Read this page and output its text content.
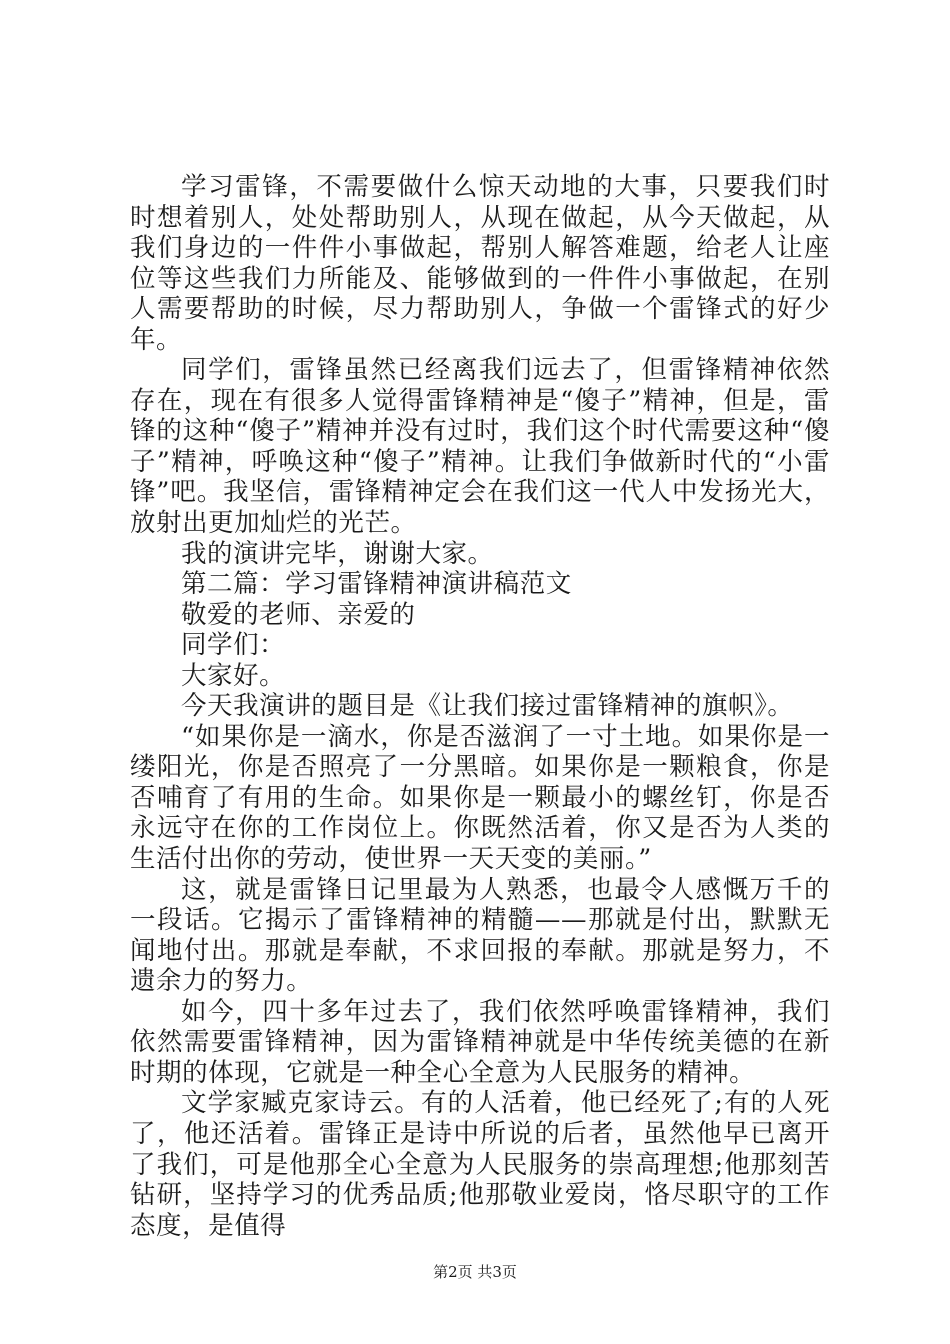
学习雷锋，不需要做什么惊天动地的大事，只要我们时时想着别人，处处帮助别人，从现在做起，从今天做起，从我们身边的一件件小事做起，帮别人解答难题，给老人让座位等这些我们力所能及、能够做到的一件件小事做起，在别人需要帮助的时候，尽力帮助别人，争做一个雷锋式的好少年。

同学们，雷锋虽然已经离我们远去了，但雷锋精神依然存在，现在有很多人觉得雷锋精神是“傻子”精神，但是，雷锋的这种“傻子”精神并没有过时，我们这个时代需要这种“傻子”精神，呼唤这种“傻子”精神。让我们争做新时代的“小雷锋”吧。我坚信，雷锋精神定会在我们这一代人中发扬光大，放射出更加灿烂的光芒。

我的演讲完毕，谢谢大家。

第二篇：学习雷锋精神演讲稿范文

敬爱的老师、亲爱的

同学们：

大家好。

今天我演讲的题目是《让我们接过雷锋精神的旗帜》。

“如果你是一滴水，你是否滋润了一寸土地。如果你是一缕阳光，你是否照亮了一分黑暗。如果你是一颗粮食，你是否哺育了有用的生命。如果你是一颗最小的螺丝钉，你是否永远守在你的工作岗位上。你既然活着，你又是否为人类的生活付出你的劳动，使世界一天天变的美丽。”

这，就是雷锋日记里最为人熟悉，也最令人感慨万千的一段话。它揭示了雷锋精神的精髓——那就是付出，默默无闻地付出。那就是奉献，不求回报的奉献。那就是努力，不遗余力的努力。

如今，四十多年过去了，我们依然呼唤雷锋精神，我们依然需要雷锋精神，因为雷锋精神就是中华传统美德的在新时期的体现，它就是一种全心全意为人民服务的精神。

文学家臧克家诗云。有的人活着，他已经死了;有的人死了，他还活着。雷锋正是诗中所说的后者，虽然他早已离开了我们，可是他那全心全意为人民服务的崇高理想;他那刻苦钻研，坚持学习的优秀品质;他那敬业爱岗，恪尽职守的工作态度，是值得

第2页 共3页
